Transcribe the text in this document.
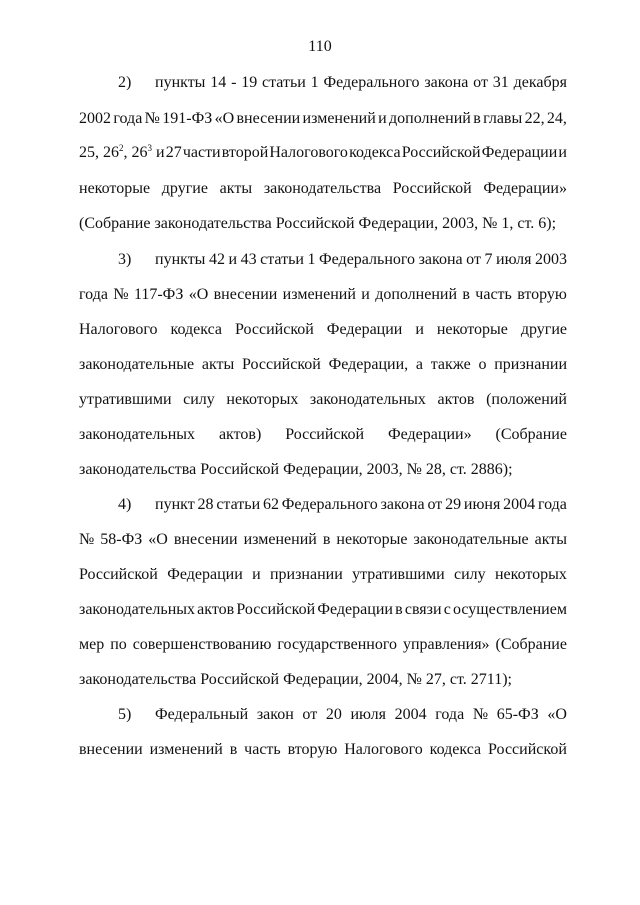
110
2)	пункты 14 - 19 статьи 1 Федерального закона от 31 декабря
2002 года № 191-ФЗ «О внесении изменений и дополнений в главы 22, 24,
25, $26^2$, $26^3$ и 27 части второй Налогового кодекса Российской Федерации и
некоторые другие акты законодательства Российской Федерации»
(Собрание законодательства Российской Федерации, 2003, № 1, ст. 6);
3)	пункты 42 и 43 статьи 1 Федерального закона от 7 июля 2003
года № 117-ФЗ «О внесении изменений и дополнений в часть вторую
Налогового кодекса Российской Федерации и некоторые другие
законодательные акты Российской Федерации, а также о признании
утратившими силу некоторых законодательных актов (положений
законодательных актов) Российской Федерации» (Собрание
законодательства Российской Федерации, 2003, № 28, ст. 2886);
4)	пункт 28 статьи 62 Федерального закона от 29 июня 2004 года
№ 58-ФЗ «О внесении изменений в некоторые законодательные акты
Российской Федерации и признании утратившими силу некоторых
законодательных актов Российской Федерации в связи с осуществлением
мер по совершенствованию государственного управления» (Собрание
законодательства Российской Федерации, 2004, № 27, ст. 2711);
5)	Федеральный закон от 20 июля 2004 года № 65-ФЗ «О
внесении изменений в часть вторую Налогового кодекса Российской
